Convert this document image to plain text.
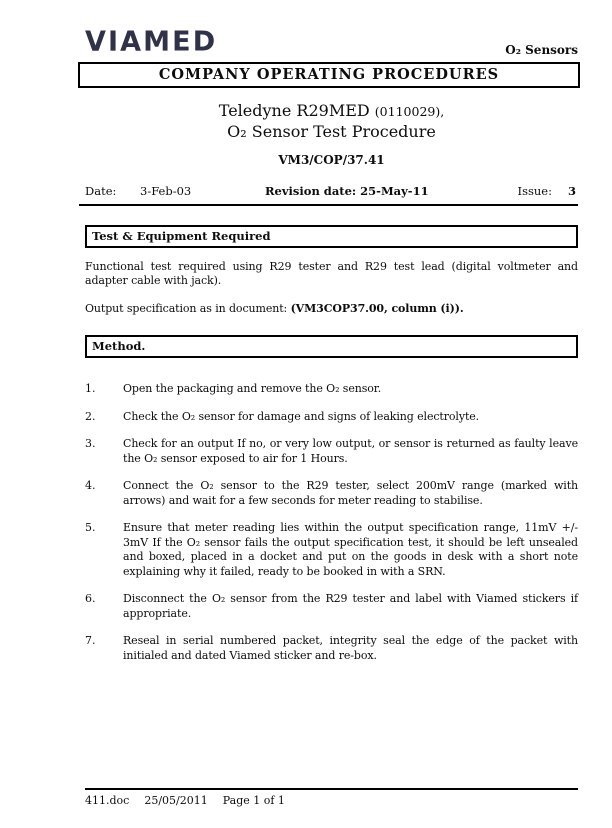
VIAMED	O₂ Sensors
COMPANY OPERATING PROCEDURES
Teledyne R29MED (0110029),
O₂ Sensor Test Procedure
VM3/COP/37.41
Date:	3-Feb-03	Revision date: 25-May-11	Issue: 3
Test & Equipment Required

Functional test required using R29 tester and R29 test lead (digital voltmeter and adapter cable with jack).

Output specification as in document: (VM3COP37.00, column (i)).

Method.
1.	Open the packaging and remove the O₂ sensor.
2.	Check the O₂ sensor for damage and signs of leaking electrolyte.
3.	Check for an output If no, or very low output, or sensor is returned as faulty leave the O₂ sensor exposed to air for 1 Hours.
4.	Connect the O₂ sensor to the R29 tester, select 200mV range (marked with arrows) and wait for a few seconds for meter reading to stabilise.
5.	Ensure that meter reading lies within the output specification range, 11mV +/- 3mV If the O₂ sensor fails the output specification test, it should be left unsealed and boxed, placed in a docket and put on the goods in desk with a short note explaining why it failed, ready to be booked in with a SRN.
6.	Disconnect the O₂ sensor from the R29 tester and label with Viamed stickers if appropriate.
7.	Reseal in serial numbered packet, integrity seal the edge of the packet with initialed and dated Viamed sticker and re-box.
411.doc 25/05/2011 Page 1 of 1
